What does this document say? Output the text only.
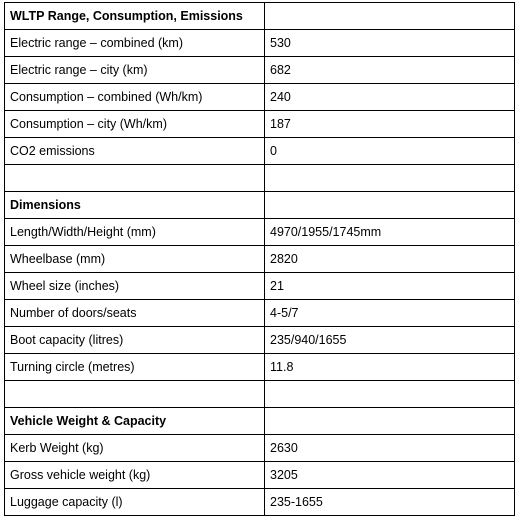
WLTP Range, Consumption, Emissions	
Electric range – combined (km)	530
Electric range – city (km)	682
Consumption – combined (Wh/km)	240
Consumption – city (Wh/km)	187
CO2 emissions	0

Dimensions	
Length/Width/Height (mm)	4970/1955/1745mm
Wheelbase (mm)	2820
Wheel size (inches)	21
Number of doors/seats	4-5/7
Boot capacity (litres)	235/940/1655
Turning circle (metres)	11.8

Vehicle Weight & Capacity	
Kerb Weight (kg)	2630
Gross vehicle weight (kg)	3205
Luggage capacity (l)	235-1655
